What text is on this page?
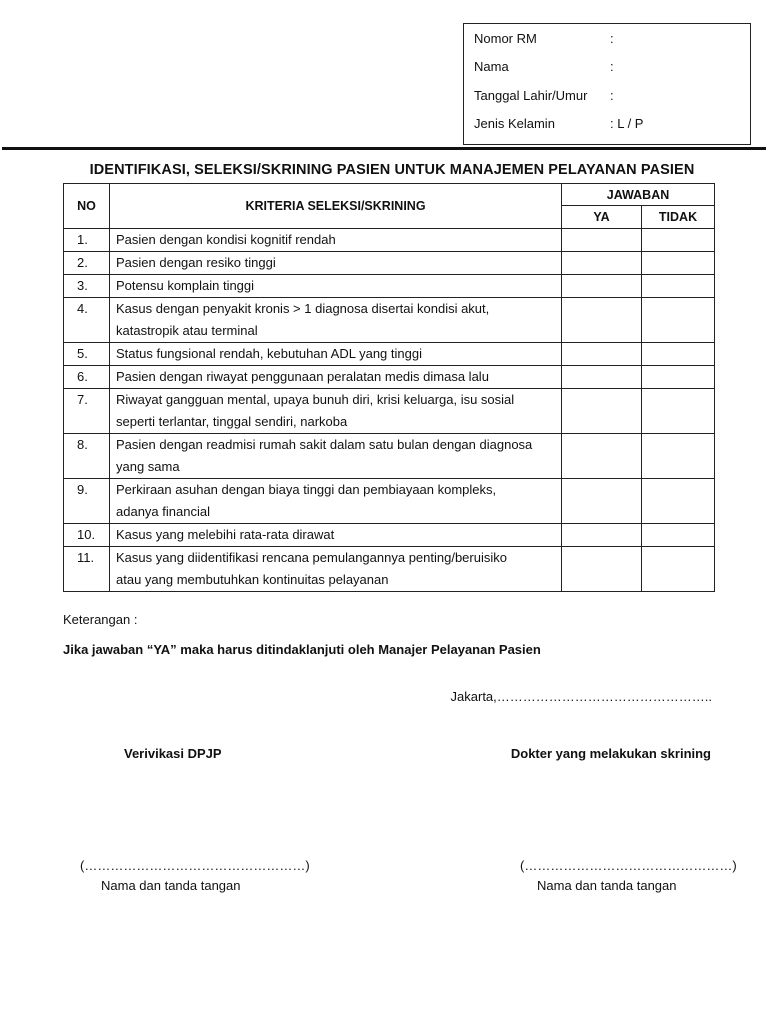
Nomor RM	:
Nama	:
Tanggal Lahir/Umur	:
Jenis Kelamin	: L / P
IDENTIFIKASI, SELEKSI/SKRINING PASIEN UNTUK MANAJEMEN PELAYANAN PASIEN
NO	KRITERIA SELEKSI/SKRINING	JAWABAN	
		YA	TIDAK
1.	Pasien dengan kondisi kognitif rendah		

2.	Pasien dengan resiko tinggi		

3.	Potensu komplain tinggi		

4.	Kasus dengan penyakit kronis > 1 diagnosa disertai kondisi akut,
katastropik atau terminal		

5.	Status fungsional rendah, kebutuhan ADL yang tinggi		

6.	Pasien dengan riwayat penggunaan peralatan medis dimasa lalu		

7.	Riwayat gangguan mental, upaya bunuh diri, krisi keluarga, isu sosial
seperti terlantar, tinggal sendiri, narkoba		

8.	Pasien dengan readmisi rumah sakit dalam satu bulan dengan diagnosa
yang sama		

9.	Perkiraan asuhan dengan biaya tinggi dan pembiayaan kompleks,
adanya financial		

10.	Kasus yang melebihi rata-rata dirawat		

11.	Kasus yang diidentifikasi rencana pemulangannya penting/beruisiko
atau yang membutuhkan kontinuitas pelayanan		

Keterangan :
Jika jawaban “YA” maka harus ditindaklanjuti oleh Manajer Pelayanan Pasien
Jakarta,…………………………………………..
Verivikasi DPJP	Dokter yang melakukan skrining
(……………………………………………)
Nama dan tanda tangan
(…………………………………………)
Nama dan tanda tangan
